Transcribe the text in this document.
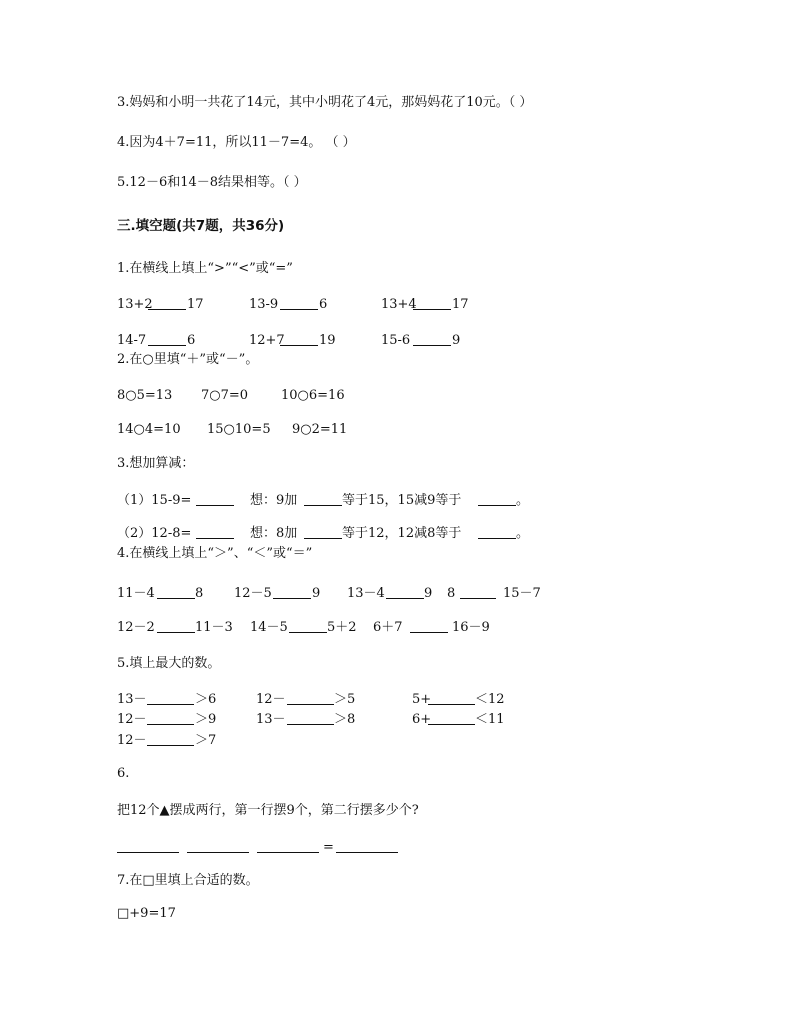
3.妈妈和小明一共花了14元，其中小明花了4元，那妈妈花了10元。（ ）
4.因为4＋7=11，所以11－7=4。 （ ）
5.12－6和14－8结果相等。（ ）
三.填空题(共7题，共36分)
1.在横线上填上“>”“<”或“=”
13+2	17	13-9	6	13+4	17
14-7	6	12+7	19	15-6	9
2.在○里填“＋”或“－”。
8○5=13 7○7=0	10○6=16
14○4=10 15○10=5 9○2=11
3.想加算减：
（1）15-9=	想：9加	等于15，15减9等于	。
（2）12-8=	想：8加	等于12，12减8等于	。
4.在横线上填上“＞”、“＜”或“＝”
11－4	8 12－5	9 13－4	9 8	15－7
12－2	11－3 14－5	5＋2 6＋7	16－9
5.填上最大的数。
13－	＞6	12－	＞5	5+	＜12
12－	＞9	13－	＞8	6+	＜11
12－	＞7
6.
把12个▲摆成两行，第一行摆9个，第二行摆多少个?
=
7.在□里填上合适的数。
□+9=17
